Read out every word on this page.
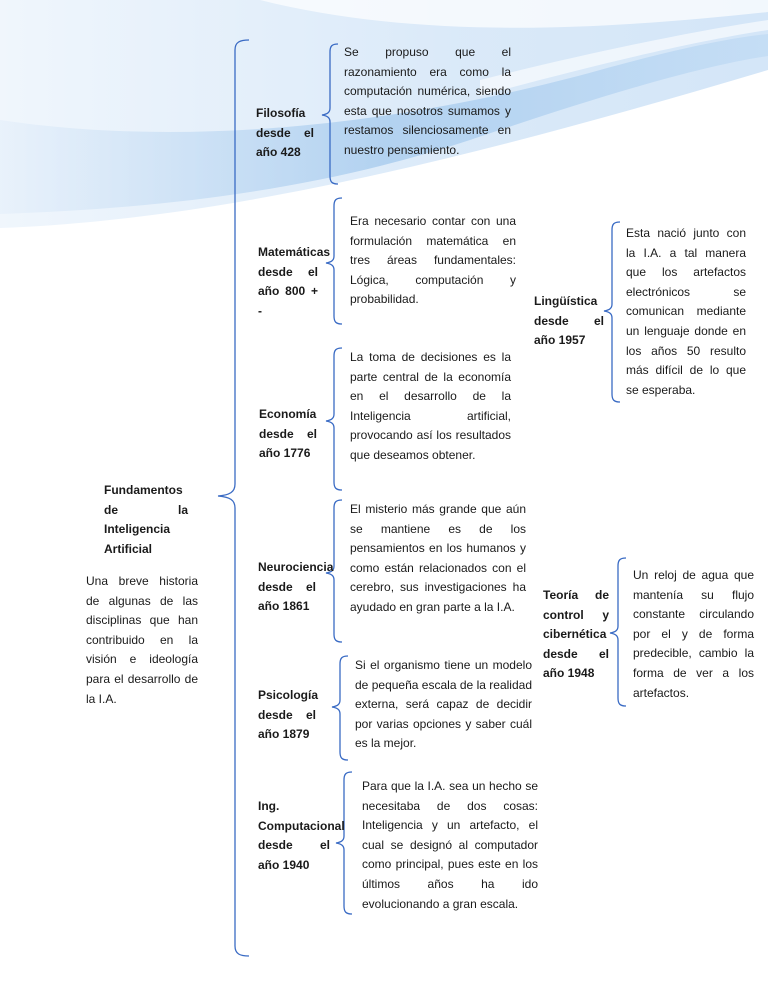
Fundamentos de la Inteligencia Artificial
Una breve historia de algunas de las disciplinas que han contribuido en la visión e ideología para el desarrollo de la I.A.
Filosofía desde el año 428
Matemáticas desde el año 800 + -
Economía desde el año 1776
Neurociencia desde el año 1861
Psicología desde el año 1879
Ing. Computacional desde el año 1940
Lingüística desde el año 1957
Teoría de control y cibernética desde el año 1948
Se propuso que el razonamiento era como la computación numérica, siendo esta que nosotros sumamos y restamos silenciosamente en nuestro pensamiento.
Era necesario contar con una formulación matemática en tres áreas fundamentales: Lógica, computación y probabilidad.
La toma de decisiones es la parte central de la economía en el desarrollo de la Inteligencia artificial, provocando así los resultados que deseamos obtener.
El misterio más grande que aún se mantiene es de los pensamientos en los humanos y como están relacionados con el cerebro, sus investigaciones ha ayudado en gran parte a la I.A.
Si el organismo tiene un modelo de pequeña escala de la realidad externa, será capaz de decidir por varias opciones y saber cuál es la mejor.
Para que la I.A. sea un hecho se necesitaba de dos cosas: Inteligencia y un artefacto, el cual se designó al computador como principal, pues este en los últimos años ha ido evolucionando a gran escala.
Esta nació junto con la I.A. a tal manera que los artefactos electrónicos se comunican mediante un lenguaje donde en los años 50 resulto más difícil de lo que se esperaba.
Un reloj de agua que mantenía su flujo constante circulando por el y de forma predecible, cambio la forma de ver a los artefactos.
